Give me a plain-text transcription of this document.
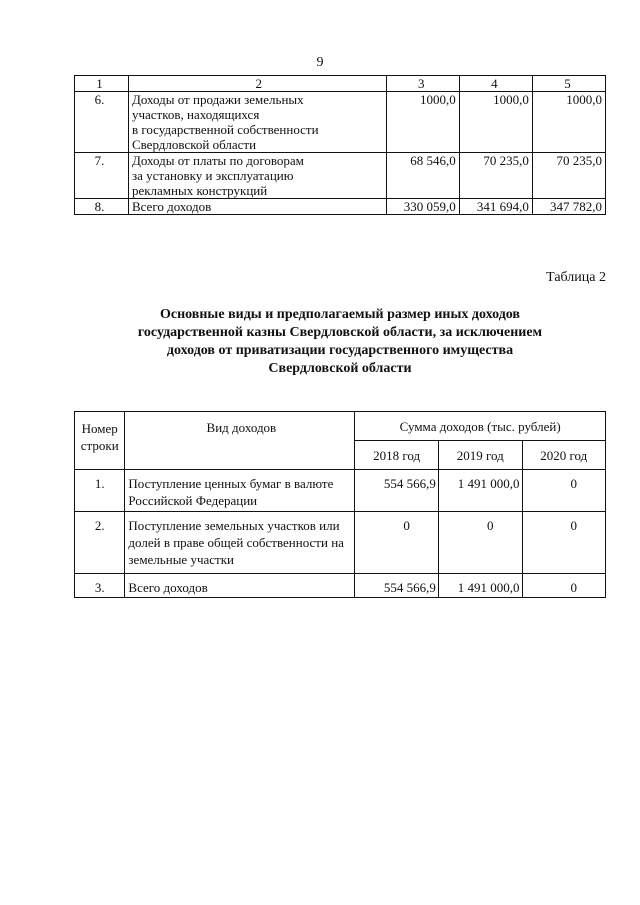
9
1	2	3	4	5
6.	Доходы от продажи земельных
участков, находящихся
в государственной собственности
Свердловской области	1000,0	1000,0	1000,0
7.	Доходы от платы по договорам
за установку и эксплуатацию
рекламных конструкций	68 546,0	70 235,0	70 235,0
8.	Всего доходов	330 059,0	341 694,0	347 782,0
Таблица 2
Основные виды и предполагаемый размер иных доходов
государственной казны Свердловской области, за исключением
доходов от приватизации государственного имущества
Свердловской области
Номер
строки	Вид доходов	Сумма доходов (тыс. рублей)		
		2018 год	2019 год	2020 год
1.	Поступление ценных бумаг в валюте
Российской Федерации	554 566,9	1 491 000,0	0
2.	Поступление земельных участков или
долей в праве общей собственности на
земельные участки	0	0	0
3.	Всего доходов	554 566,9	1 491 000,0	0
